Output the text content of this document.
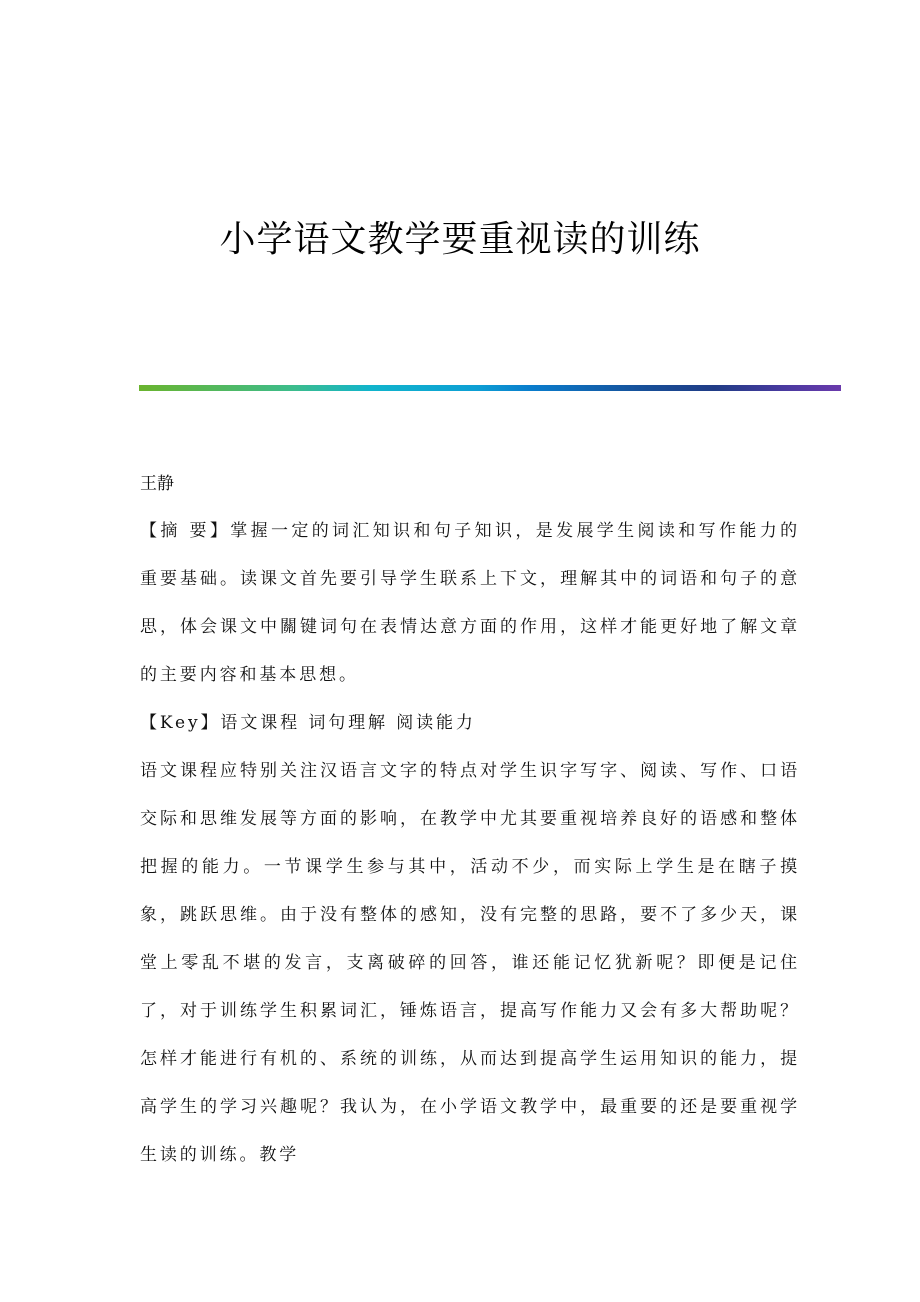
小学语文教学要重视读的训练

王静

【摘 要】掌握一定的词汇知识和句子知识，是发展学生阅读和写作能力的重要基础。读课文首先要引导学生联系上下文，理解其中的词语和句子的意思，体会课文中關键词句在表情达意方面的作用，这样才能更好地了解文章的主要内容和基本思想。

【Key】语文课程 词句理解 阅读能力

语文课程应特别关注汉语言文字的特点对学生识字写字、阅读、写作、口语交际和思维发展等方面的影响，在教学中尤其要重视培养良好的语感和整体把握的能力。一节课学生参与其中，活动不少，而实际上学生是在瞎子摸象，跳跃思维。由于没有整体的感知，没有完整的思路，要不了多少天，课堂上零乱不堪的发言，支离破碎的回答，谁还能记忆犹新呢？即便是记住了，对于训练学生积累词汇，锤炼语言，提高写作能力又会有多大帮助呢？怎样才能进行有机的、系统的训练，从而达到提高学生运用知识的能力，提高学生的学习兴趣呢？我认为，在小学语文教学中，最重要的还是要重视学生读的训练。教学
